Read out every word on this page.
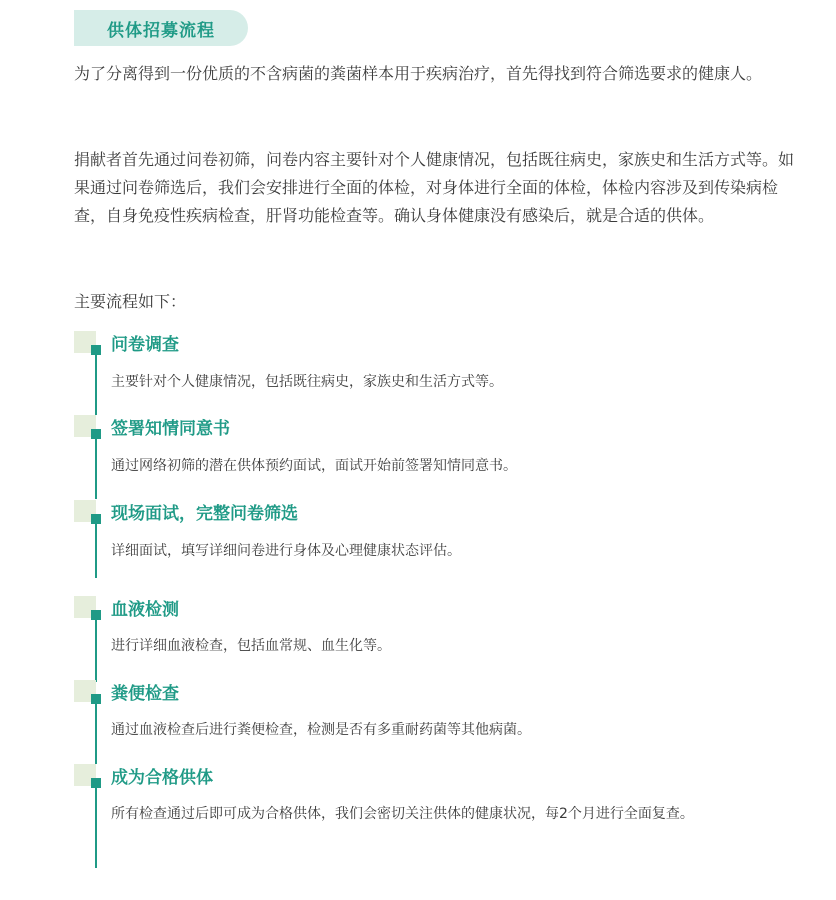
供体招募流程

为了分离得到一份优质的不含病菌的粪菌样本用于疾病治疗，首先得找到符合筛选要求的健康人。

捐献者首先通过问卷初筛，问卷内容主要针对个人健康情况，包括既往病史，家族史和生活方式等。如果通过问卷筛选后，我们会安排进行全面的体检，对身体进行全面的体检，体检内容涉及到传染病检查，自身免疫性疾病检查，肝肾功能检查等。确认身体健康没有感染后，就是合适的供体。

主要流程如下：

问卷调查

主要针对个人健康情况，包括既往病史，家族史和生活方式等。

签署知情同意书

通过网络初筛的潜在供体预约面试，面试开始前签署知情同意书。

现场面试，完整问卷筛选

详细面试，填写详细问卷进行身体及心理健康状态评估。

血液检测

进行详细血液检查，包括血常规、血生化等。

粪便检查

通过血液检查后进行粪便检查，检测是否有多重耐药菌等其他病菌。

成为合格供体

所有检查通过后即可成为合格供体，我们会密切关注供体的健康状况，每2个月进行全面复查。
